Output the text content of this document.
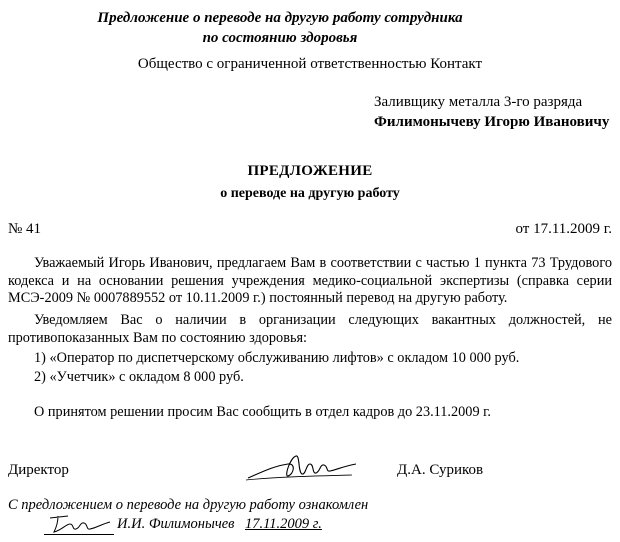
Предложение о переводе на другую работу сотрудника
по состоянию здоровья
Общество с ограниченной ответственностью Контакт
Заливщику металла 3-го разряда
Филимонычеву Игорю Ивановичу
ПРЕДЛОЖЕНИЕ
о переводе на другую работу
№ 41	от 17.11.2009 г.
Уважаемый Игорь Иванович, предлагаем Вам в соответствии с частью 1 пункта 73 Трудового кодекса и на основании решения учреждения медико-социальной экспертизы (справка серии МСЭ-2009 № 0007889552 от 10.11.2009 г.) постоянный перевод на другую работу.
Уведомляем Вас о наличии в организации следующих вакантных должностей, не противопоказанных Вам по состоянию здоровья:
1) «Оператор по диспетчерскому обслуживанию лифтов» с окладом 10 000 руб.
2) «Учетчик» с окладом 8 000 руб.
О принятом решении просим Вас сообщить в отдел кадров до 23.11.2009 г.
Директор	Д.А. Суриков
С предложением о переводе на другую работу ознакомлен
И.И. Филимонычев 17.11.2009 г.
